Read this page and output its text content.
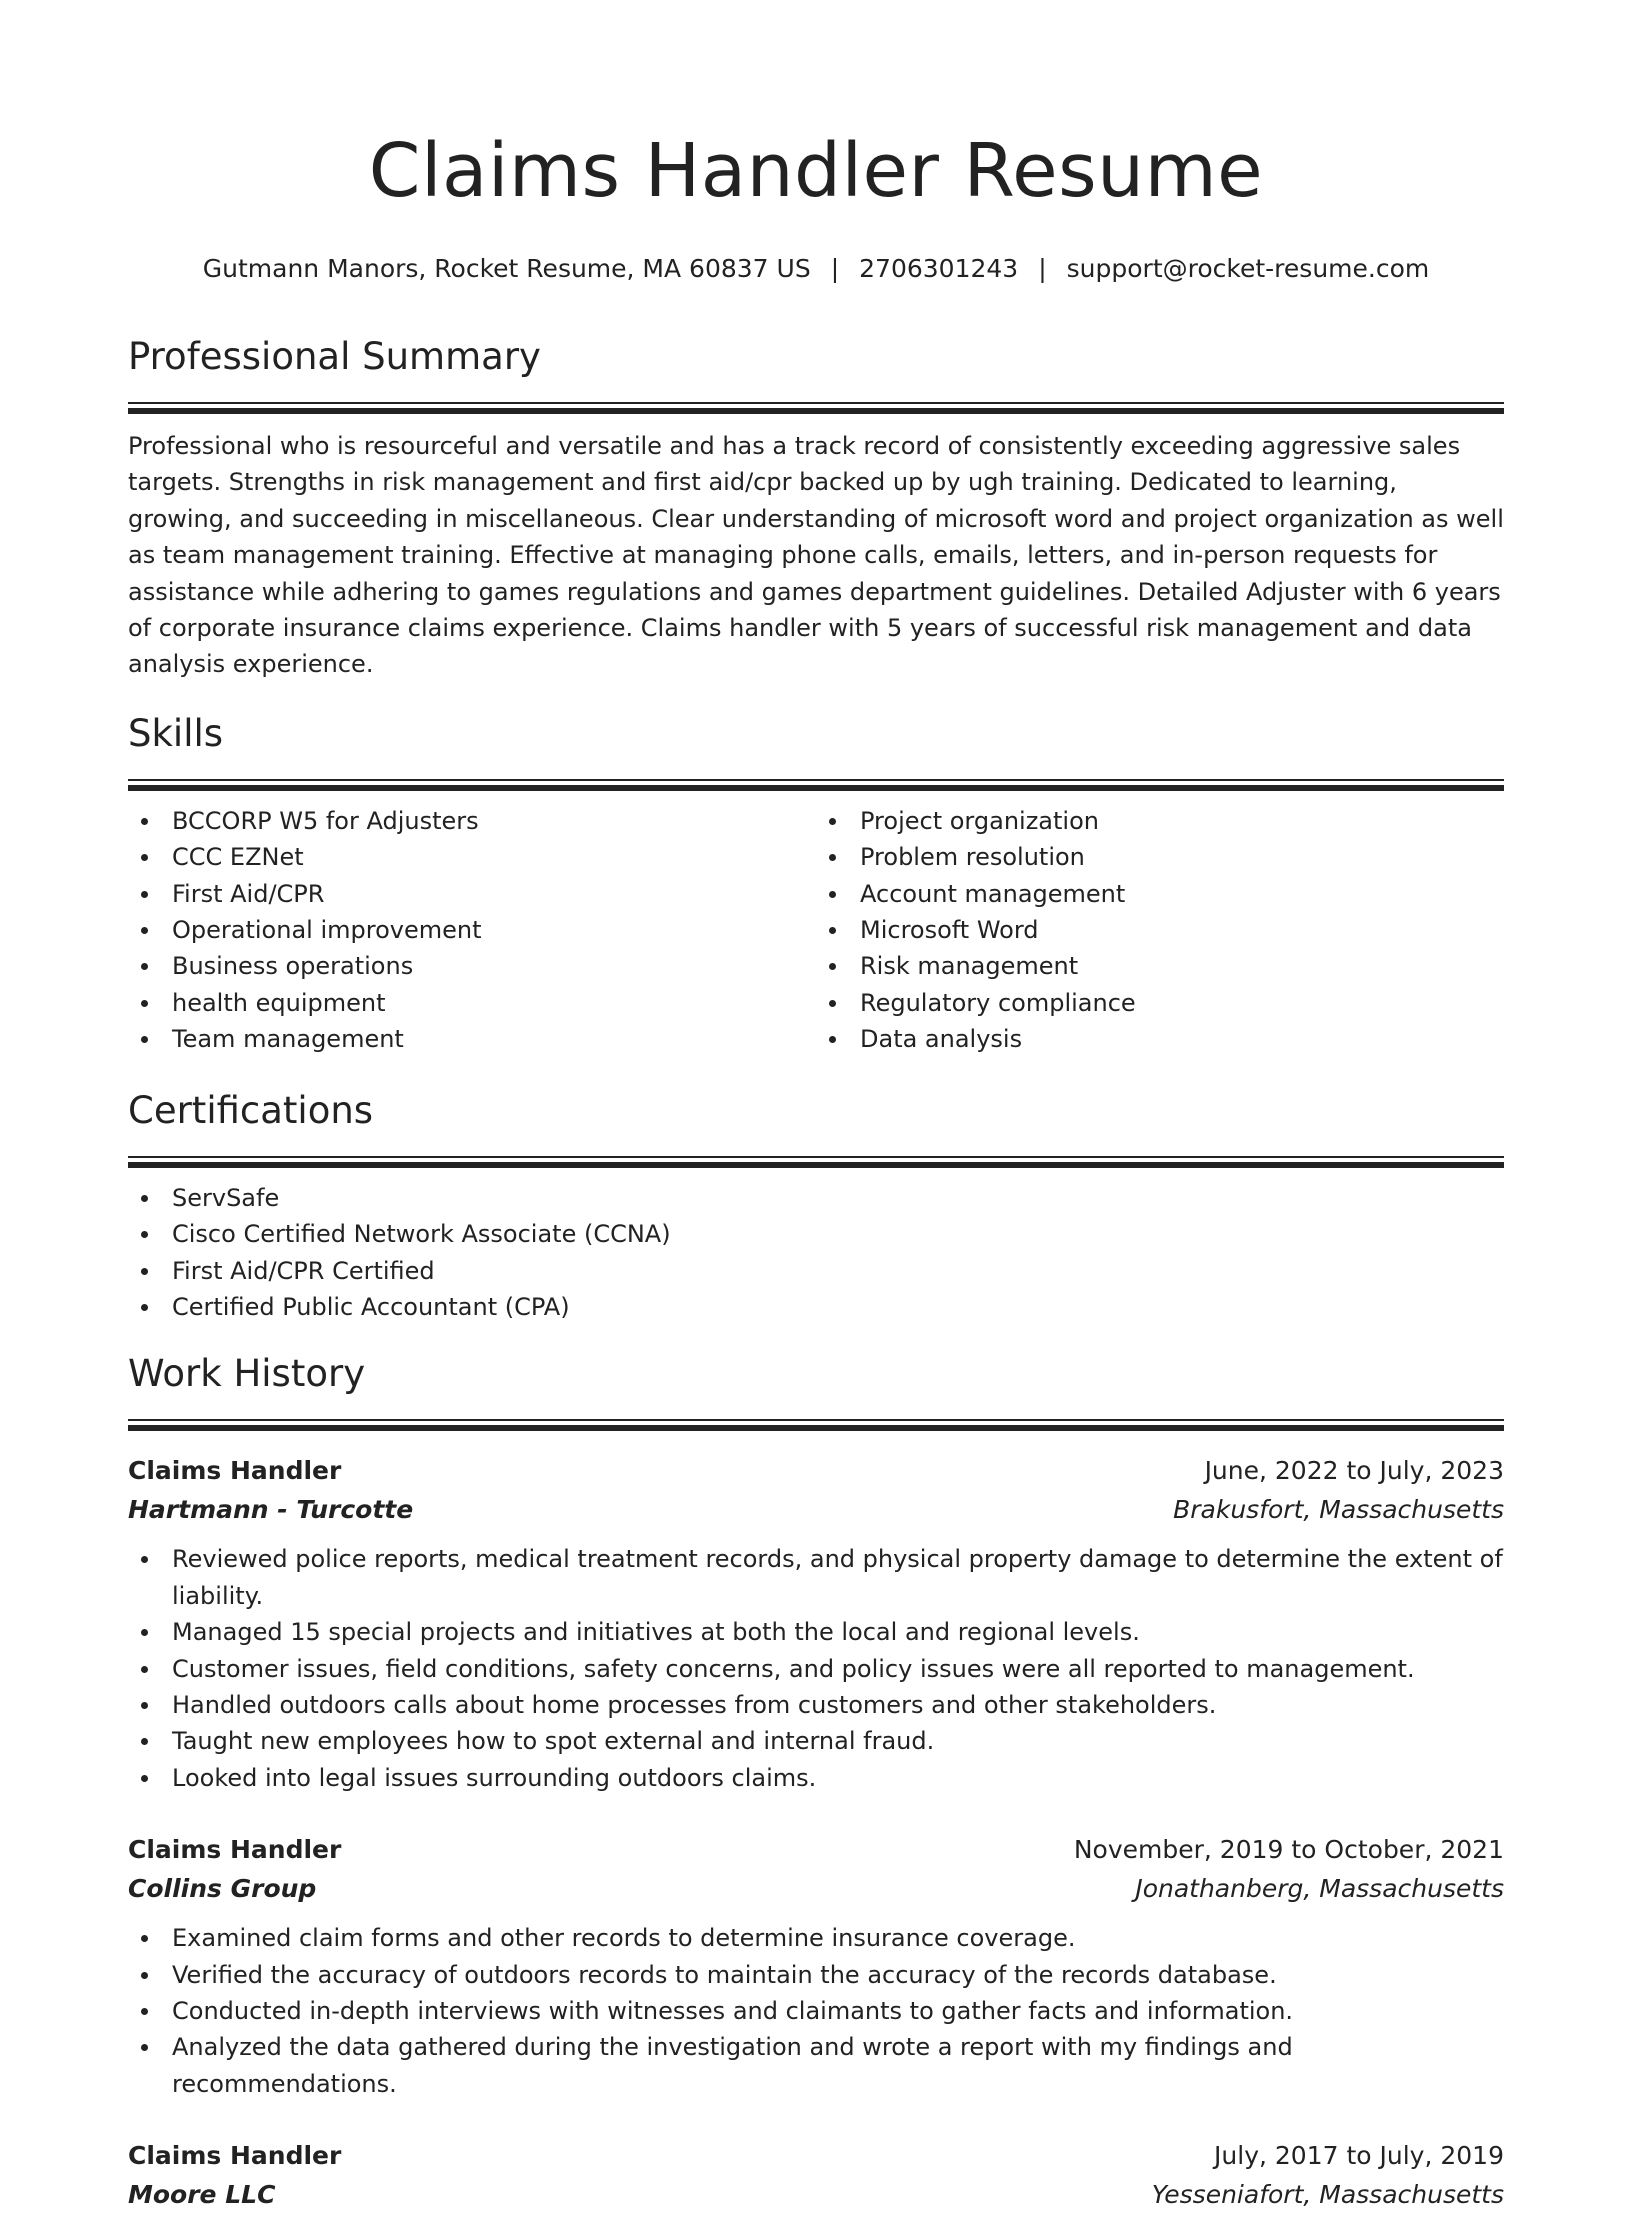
Claims Handler Resume
Gutmann Manors, Rocket Resume, MA 60837 US | 2706301243 | support@rocket-resume.com
Professional Summary

Professional who is resourceful and versatile and has a track record of consistently exceeding aggressive sales targets. Strengths in risk management and first aid/cpr backed up by ugh training. Dedicated to learning, growing, and succeeding in miscellaneous. Clear understanding of microsoft word and project organization as well as team management training. Effective at managing phone calls, emails, letters, and in-person requests for assistance while adhering to games regulations and games department guidelines. Detailed Adjuster with 6 years of corporate insurance claims experience. Claims handler with 5 years of successful risk management and data analysis experience.

Skills
BCCORP W5 for Adjusters
CCC EZNet
First Aid/CPR
Operational improvement
Business operations
health equipment
Team management
Project organization
Problem resolution
Account management
Microsoft Word
Risk management
Regulatory compliance
Data analysis
Certifications
ServSafe
Cisco Certified Network Associate (CCNA)
First Aid/CPR Certified
Certified Public Accountant (CPA)
Work History
Claims Handler	June, 2022 to July, 2023
Hartmann - Turcotte	Brakusfort, Massachusetts
Reviewed police reports, medical treatment records, and physical property damage to determine the extent of liability.
Managed 15 special projects and initiatives at both the local and regional levels.
Customer issues, field conditions, safety concerns, and policy issues were all reported to management.
Handled outdoors calls about home processes from customers and other stakeholders.
Taught new employees how to spot external and internal fraud.
Looked into legal issues surrounding outdoors claims.
Claims Handler	November, 2019 to October, 2021
Collins Group	Jonathanberg, Massachusetts
Examined claim forms and other records to determine insurance coverage.
Verified the accuracy of outdoors records to maintain the accuracy of the records database.
Conducted in-depth interviews with witnesses and claimants to gather facts and information.
Analyzed the data gathered during the investigation and wrote a report with my findings and recommendations.
Claims Handler	July, 2017 to July, 2019
Moore LLC	Yesseniafort, Massachusetts
